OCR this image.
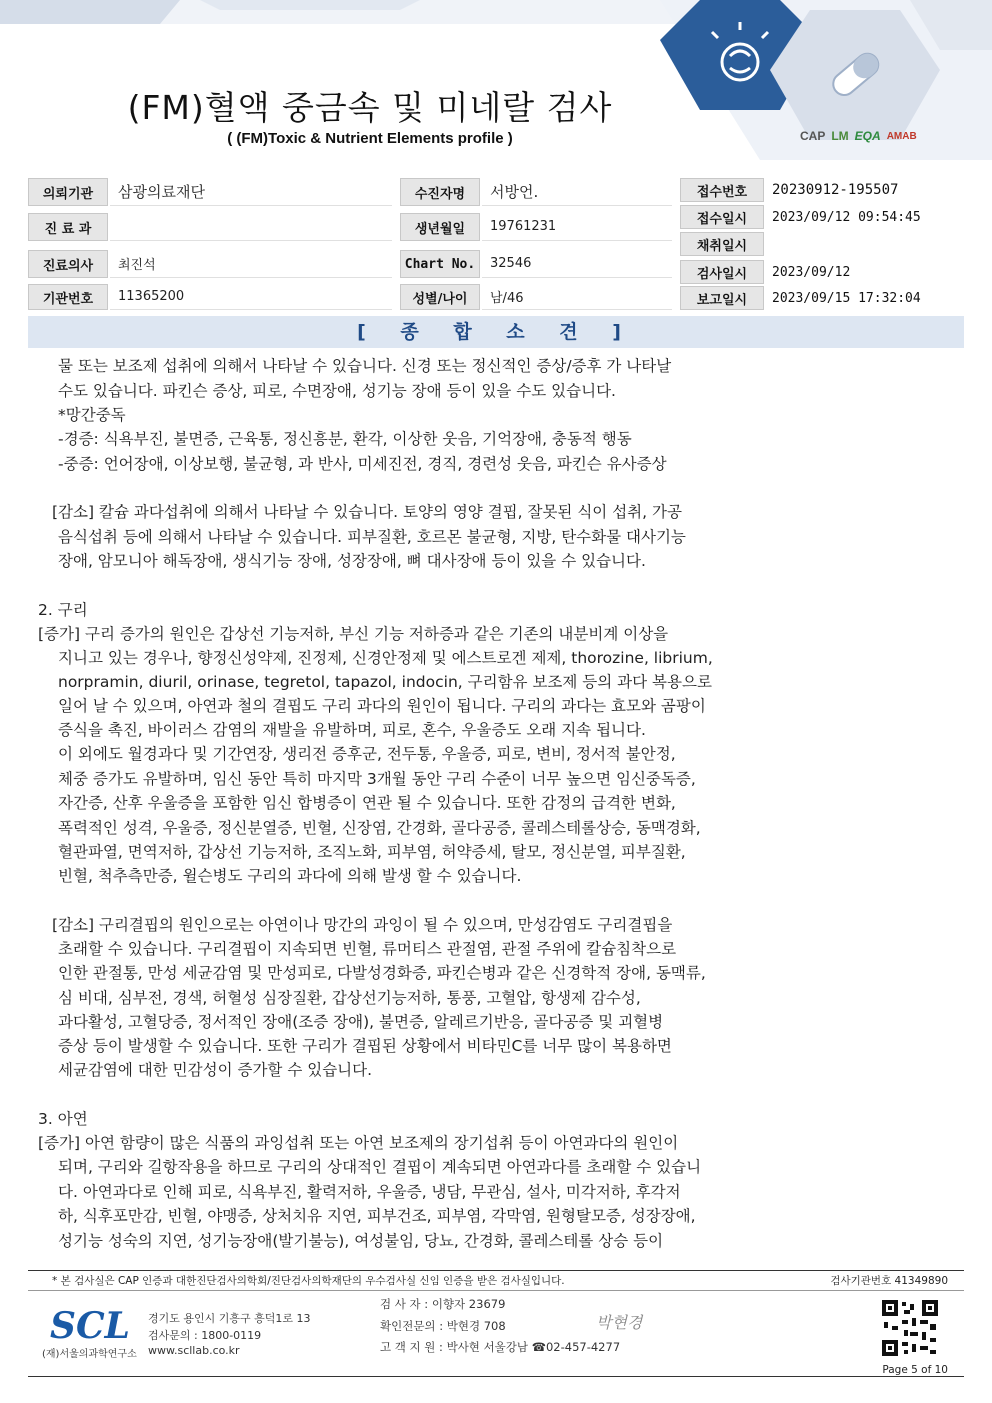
CAP LM EQA AMAB
(FM)혈액 중금속 및 미네랄 검사
( (FM)Toxic & Nutrient Elements profile )
의뢰기관	삼광의료재단
진 료 과
진료의사	최진석
기관번호	11365200
수진자명	서방언.
생년월일	19761231
Chart No.	32546
성별/나이	남/46
접수번호	20230912-195507
접수일시	2023/09/12 09:54:45
채취일시
검사일시	2023/09/12
보고일시	2023/09/15 17:32:04
[ 종 합 소 견 ]
물 또는 보조제 섭취에 의해서 나타날 수 있습니다. 신경 또는 정신적인 증상/증후 가 나타날
수도 있습니다. 파킨슨 증상, 피로, 수면장애, 성기능 장애 등이 있을 수도 있습니다.
*망간중독
-경증: 식욕부진, 불면증, 근육통, 정신흥분, 환각, 이상한 웃음, 기억장애, 충동적 행동
-중증: 언어장애, 이상보행, 불균형, 과 반사, 미세진전, 경직, 경련성 웃음, 파킨슨 유사증상
[감소] 칼슘 과다섭취에 의해서 나타날 수 있습니다. 토양의 영양 결핍, 잘못된 식이 섭취, 가공
음식섭취 등에 의해서 나타날 수 있습니다. 피부질환, 호르몬 불균형, 지방, 탄수화물 대사기능
장애, 암모니아 해독장애, 생식기능 장애, 성장장애, 뼈 대사장애 등이 있을 수 있습니다.
2. 구리
[증가] 구리 증가의 원인은 갑상선 기능저하, 부신 기능 저하증과 같은 기존의 내분비계 이상을
지니고 있는 경우나, 향정신성약제, 진정제, 신경안정제 및 에스트로겐 제제, thorozine, librium,
norpramin, diuril, orinase, tegretol, tapazol, indocin, 구리함유 보조제 등의 과다 복용으로
일어 날 수 있으며, 아연과 철의 결핍도 구리 과다의 원인이 됩니다. 구리의 과다는 효모와 곰팡이
증식을 촉진, 바이러스 감염의 재발을 유발하며, 피로, 혼수, 우울증도 오래 지속 됩니다.
이 외에도 월경과다 및 기간연장, 생리전 증후군, 전두통, 우울증, 피로, 변비, 정서적 불안정,
체중 증가도 유발하며, 임신 동안 특히 마지막 3개월 동안 구리 수준이 너무 높으면 임신중독증,
자간증, 산후 우울증을 포함한 임신 합병증이 연관 될 수 있습니다. 또한 감정의 급격한 변화,
폭력적인 성격, 우울증, 정신분열증, 빈혈, 신장염, 간경화, 골다공증, 콜레스테롤상승, 동맥경화,
혈관파열, 면역저하, 갑상선 기능저하, 조직노화, 피부염, 허약증세, 탈모, 정신분열, 피부질환,
빈혈, 척추측만증, 윌슨병도 구리의 과다에 의해 발생 할 수 있습니다.
[감소] 구리결핍의 원인으로는 아연이나 망간의 과잉이 될 수 있으며, 만성감염도 구리결핍을
초래할 수 있습니다. 구리결핍이 지속되면 빈혈, 류머티스 관절염, 관절 주위에 칼슘침착으로
인한 관절통, 만성 세균감염 및 만성피로, 다발성경화증, 파킨슨병과 같은 신경학적 장애, 동맥류,
심 비대, 심부전, 경색, 허혈성 심장질환, 갑상선기능저하, 통풍, 고혈압, 항생제 감수성,
과다활성, 고혈당증, 정서적인 장애(조증 장애), 불면증, 알레르기반응, 골다공증 및 괴혈병
증상 등이 발생할 수 있습니다. 또한 구리가 결핍된 상황에서 비타민C를 너무 많이 복용하면
세균감염에 대한 민감성이 증가할 수 있습니다.
3. 아연
[증가] 아연 함량이 많은 식품의 과잉섭취 또는 아연 보조제의 장기섭취 등이 아연과다의 원인이
되며, 구리와 길항작용을 하므로 구리의 상대적인 결핍이 계속되면 아연과다를 초래할 수 있습니
다. 아연과다로 인해 피로, 식욕부진, 활력저하, 우울증, 냉담, 무관심, 설사, 미각저하, 후각저
하, 식후포만감, 빈혈, 야맹증, 상처치유 지연, 피부건조, 피부염, 각막염, 원형탈모증, 성장장애,
성기능 성숙의 지연, 성기능장애(발기불능), 여성불임, 당뇨, 간경화, 콜레스테롤 상승 등이
* 본 검사실은 CAP 인증과 대한진단검사의학회/진단검사의학재단의 우수검사실 신임 인증을 받은 검사실입니다.	검사기관번호 41349890
SCL
(재)서울의과학연구소
경기도 용인시 기흥구 흥덕1로 13
검사문의 : 1800-0119
www.scllab.co.kr
검 사 자 : 이향자 23679
확인전문의 : 박현경 708
고 객 지 원 : 박사현 서울강남 ☎02-457-4277
박현경
Page 5 of 10
